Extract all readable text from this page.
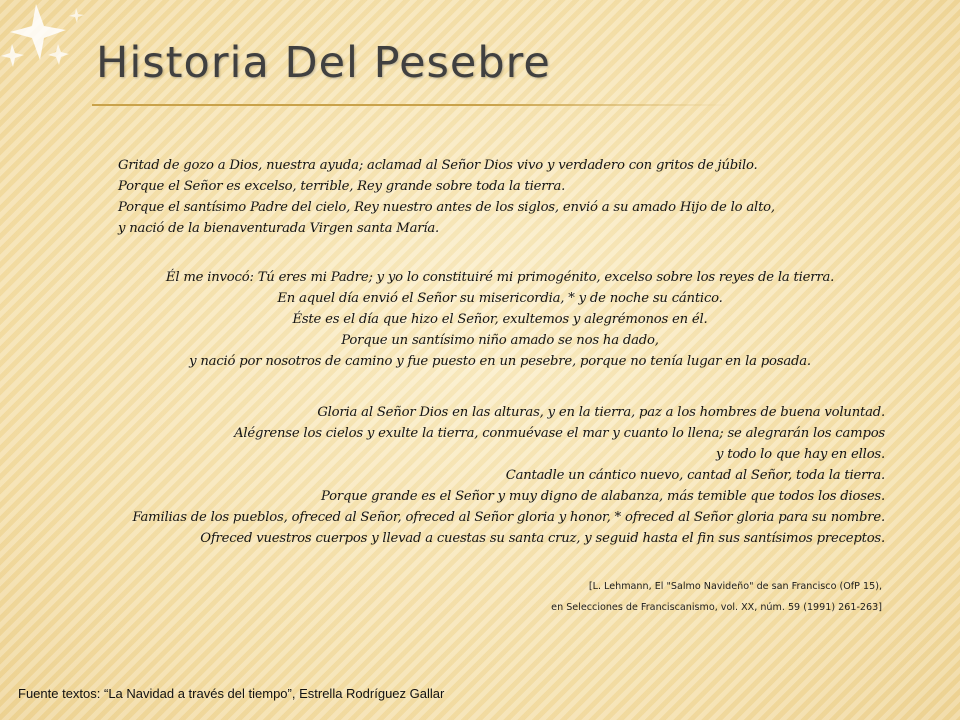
Historia Del Pesebre
Gritad de gozo a Dios, nuestra ayuda; aclamad al Señor Dios vivo y verdadero con gritos de júbilo.
Porque el Señor es excelso, terrible, Rey grande sobre toda la tierra.
Porque el santísimo Padre del cielo, Rey nuestro antes de los siglos, envió a su amado Hijo de lo alto,
y nació de la bienaventurada Virgen santa María.
Él me invocó: Tú eres mi Padre; y yo lo constituiré mi primogénito, excelso sobre los reyes de la tierra.
En aquel día envió el Señor su misericordia, * y de noche su cántico.
Éste es el día que hizo el Señor, exultemos y alegrémonos en él.
Porque un santísimo niño amado se nos ha dado,
y nació por nosotros de camino y fue puesto en un pesebre, porque no tenía lugar en la posada.
Gloria al Señor Dios en las alturas, y en la tierra, paz a los hombres de buena voluntad.
Alégrense los cielos y exulte la tierra, conmuévase el mar y cuanto lo llena; se alegrarán los campos
y todo lo que hay en ellos.
Cantadle un cántico nuevo, cantad al Señor, toda la tierra.
Porque grande es el Señor y muy digno de alabanza, más temible que todos los dioses.
Familias de los pueblos, ofreced al Señor, ofreced al Señor gloria y honor, * ofreced al Señor gloria para su nombre.
Ofreced vuestros cuerpos y llevad a cuestas su santa cruz, y seguid hasta el fin sus santísimos preceptos.
[L. Lehmann, El "Salmo Navideño" de san Francisco (OfP 15),
en Selecciones de Franciscanismo, vol. XX, núm. 59 (1991) 261-263]
Fuente textos: “La Navidad a través del tiempo”, Estrella Rodríguez Gallar
